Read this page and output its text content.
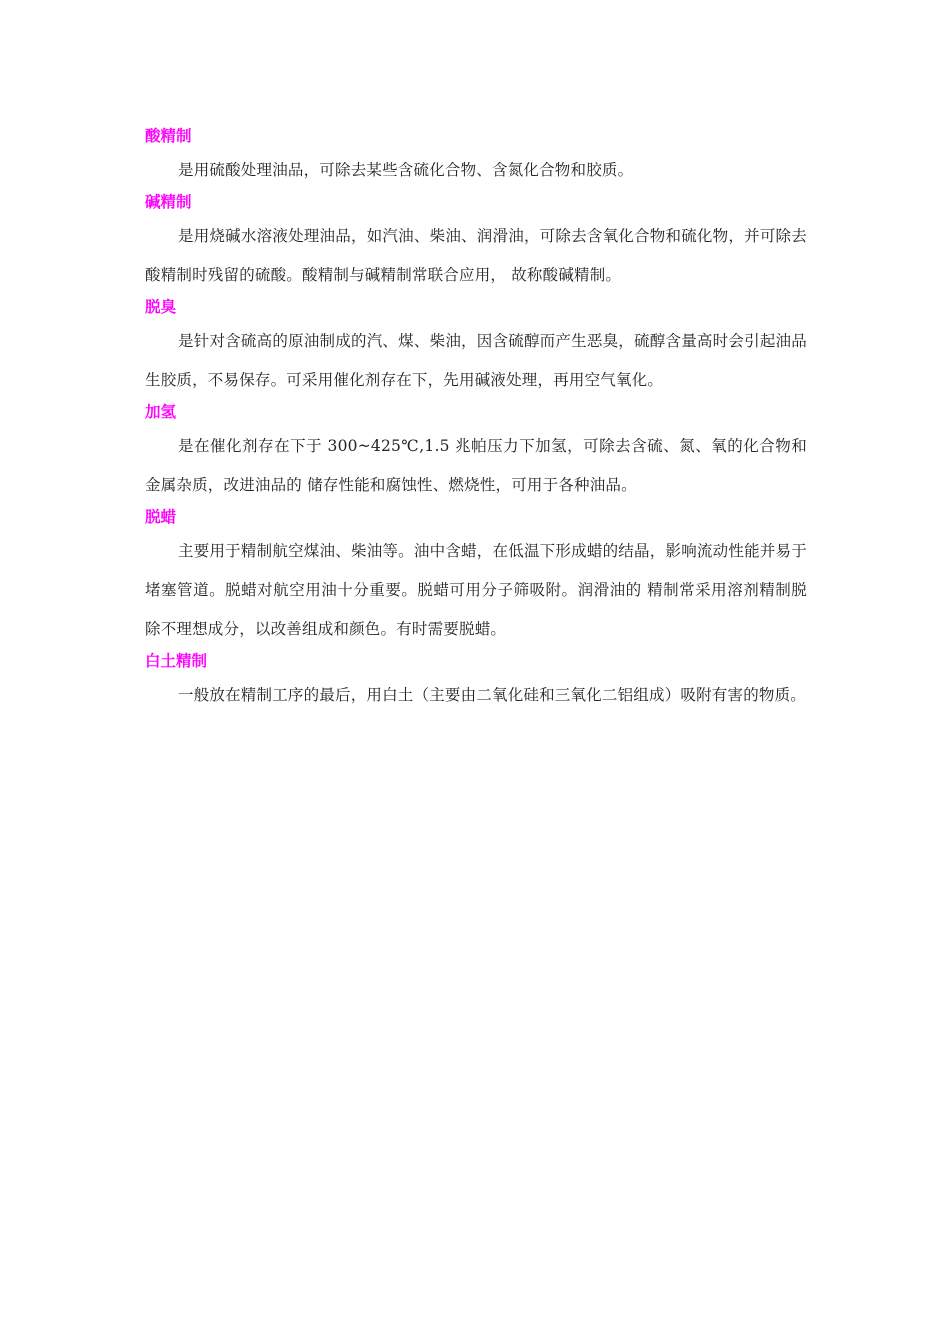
酸精制

是用硫酸处理油品，可除去某些含硫化合物、含氮化合物和胶质。

碱精制

是用烧碱水溶液处理油品，如汽油、柴油、润滑油，可除去含氧化合物和硫化物，并可除去酸精制时残留的硫酸。酸精制与碱精制常联合应用， 故称酸碱精制。

脱臭

是针对含硫高的原油制成的汽、煤、柴油，因含硫醇而产生恶臭，硫醇含量高时会引起油品生胶质，不易保存。可采用催化剂存在下，先用碱液处理，再用空气氧化。

加氢

是在催化剂存在下于 300~425℃,1.5 兆帕压力下加氢，可除去含硫、氮、氧的化合物和金属杂质，改进油品的 储存性能和腐蚀性、燃烧性，可用于各种油品。

脱蜡

主要用于精制航空煤油、柴油等。油中含蜡，在低温下形成蜡的结晶，影响流动性能并易于堵塞管道。脱蜡对航空用油十分重要。脱蜡可用分子筛吸附。润滑油的 精制常采用溶剂精制脱除不理想成分，以改善组成和颜色。有时需要脱蜡。

白土精制

一般放在精制工序的最后，用白土（主要由二氧化硅和三氧化二铝组成）吸附有害的物质。
